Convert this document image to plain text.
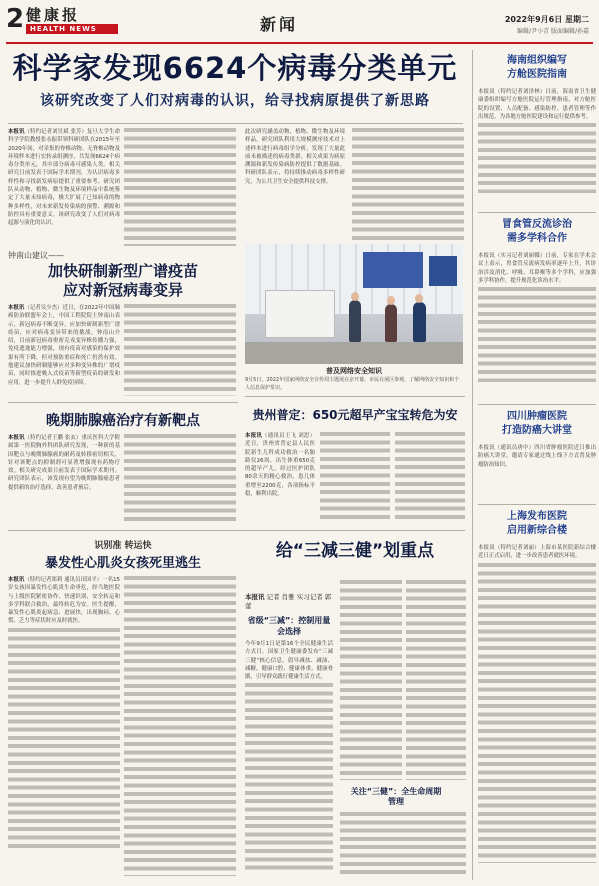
2 健康报
HEALTH NEWS	新闻	2022年9月6日 星期二
编辑/尹小青 版面编辑/孙嘉
科学家发现6624个病毒分类单元
该研究改变了人们对病毒的认识，给寻找病原提供了新思路
本报讯（特约记者刘昱斌 张芳）复旦大学生命科学学院教授张永振带领科研团队在2015年至2020年间，对采集的脊椎动物、无脊椎动物及环境样本进行宏转录组测序，共发现6624个病毒分类单元，其中部分病毒可感染人类。相关研究日前发表于国际学术期刊，为认识病毒多样性和寻找新发病原提供了重要参考。研究团队从动物、植物、微生物及环境样品中系统鉴定了大量未知病毒，极大扩展了已知病毒的物种多样性，对未来新发传染病的预警、溯源和防控具有重要意义。该研究改变了人们对病毒起源与演化的认识。
此次研究涵盖动物、植物、微生物及环境样品，研究团队利用大规模测序技术对上述样本进行病毒组学分析，发现了大量此前未被描述的病毒类群。相关成果为病原溯源和新发传染病防控提供了数据基础。科研团队表示，将持续推动病毒多样性研究，为公共卫生安全提供科技支撑。
普及网络安全知识
9月5日，2022年国家网络安全宣传周主题展在京开幕，市民在展区参观，了解网络安全知识和个人信息保护常识。
钟南山建议——
加快研制新型广谱疫苗
应对新冠病毒变异
本报讯（记者吴少杰）近日，在2022年中国肺癌防治联盟年会上，中国工程院院士钟南山表示，新冠病毒不断变异，应加快研制新型广谱疫苗，应对病毒变异带来的挑战。钟南山介绍，目前新冠病毒奥密克戎变异株传播力强，免疫逃逸能力增强，现有疫苗对感染的保护效果有所下降，但对预防重症和死亡仍然有效。他建议加快研制能够应对多种变异株的广谱疫苗，同时推进吸入式疫苗等新型疫苗的研发和应用，进一步提升人群免疫屏障。
晚期肺腺癌治疗有新靶点
本报讯（特约记者王鹏 张玄）重庆医科大学附属第一医院胸外科团队研究发现，一种新的基因靶点与晚期肺腺癌的耐药及转移密切相关，针对该靶点的抑制剂可显著增强现有药物疗效。相关研究成果日前发表于国际学术期刊。研究团队表示，该发现有望为晚期肺腺癌患者提供新的治疗选择，改善患者预后。
贵州普定：650元超早产宝宝转危为安
本报讯（通讯员王飞 刘思）近日，贵州省普定县人民医院新生儿科成功救治一名胎龄仅26周、出生体重650克的超早产儿。经过医护团队80余天的精心救治，患儿体重增至2200克，各项指标平稳，顺利出院。
识别准 转运快
暴发性心肌炎女孩死里逃生
本报讯（特约记者郑莉 通讯员田国平）一名15岁女孩因暴发性心肌炎生命垂危，经当地医院与上级医院紧密协作、快速识别、安全转运和多学科联合救治，最终转危为安。医生提醒，暴发性心肌炎起病急、进展快，出现胸闷、心慌、乏力等症状时应及时就医。
给“三减三健”划重点
本报讯 记者 肖雅 实习记者 郭蕾
省级“三减”：控制用量 会选择
今年9月1日是第16个全民健康生活方式日，国家卫生健康委发布“三减三健”核心信息，倡导减盐、减油、减糖，健康口腔、健康体重、健康骨骼，引导群众践行健康生活方式。
关注“三健”：全生命周期管理
海南组织编写
方舱医院指南
本报讯（特约记者刘泽林）日前，海南省卫生健康委组织编写方舱医院运行管理指南，对方舱医院的设置、人员配备、感染防控、患者管理等作出规范，为各地方舱医院建设和运行提供参考。
冒食管反流诊治
需多学科合作
本报讯（实习记者刘丽娜）日前，专家在学术会议上表示，胃食管反流病发病率逐年上升，其诊治涉及消化、呼吸、耳鼻喉等多个学科，应加强多学科协作，提升规范化诊治水平。
四川肿瘤医院
打造防癌大讲堂
本报讯（通讯员唐中）四川省肿瘤医院近日推出防癌大讲堂，邀请专家通过线上线下方式普及肿瘤防治知识。
上海发布医院
启用新综合楼
本报讯（特约记者刘丽）上海市某医院新综合楼近日正式启用，进一步改善患者就医环境。
